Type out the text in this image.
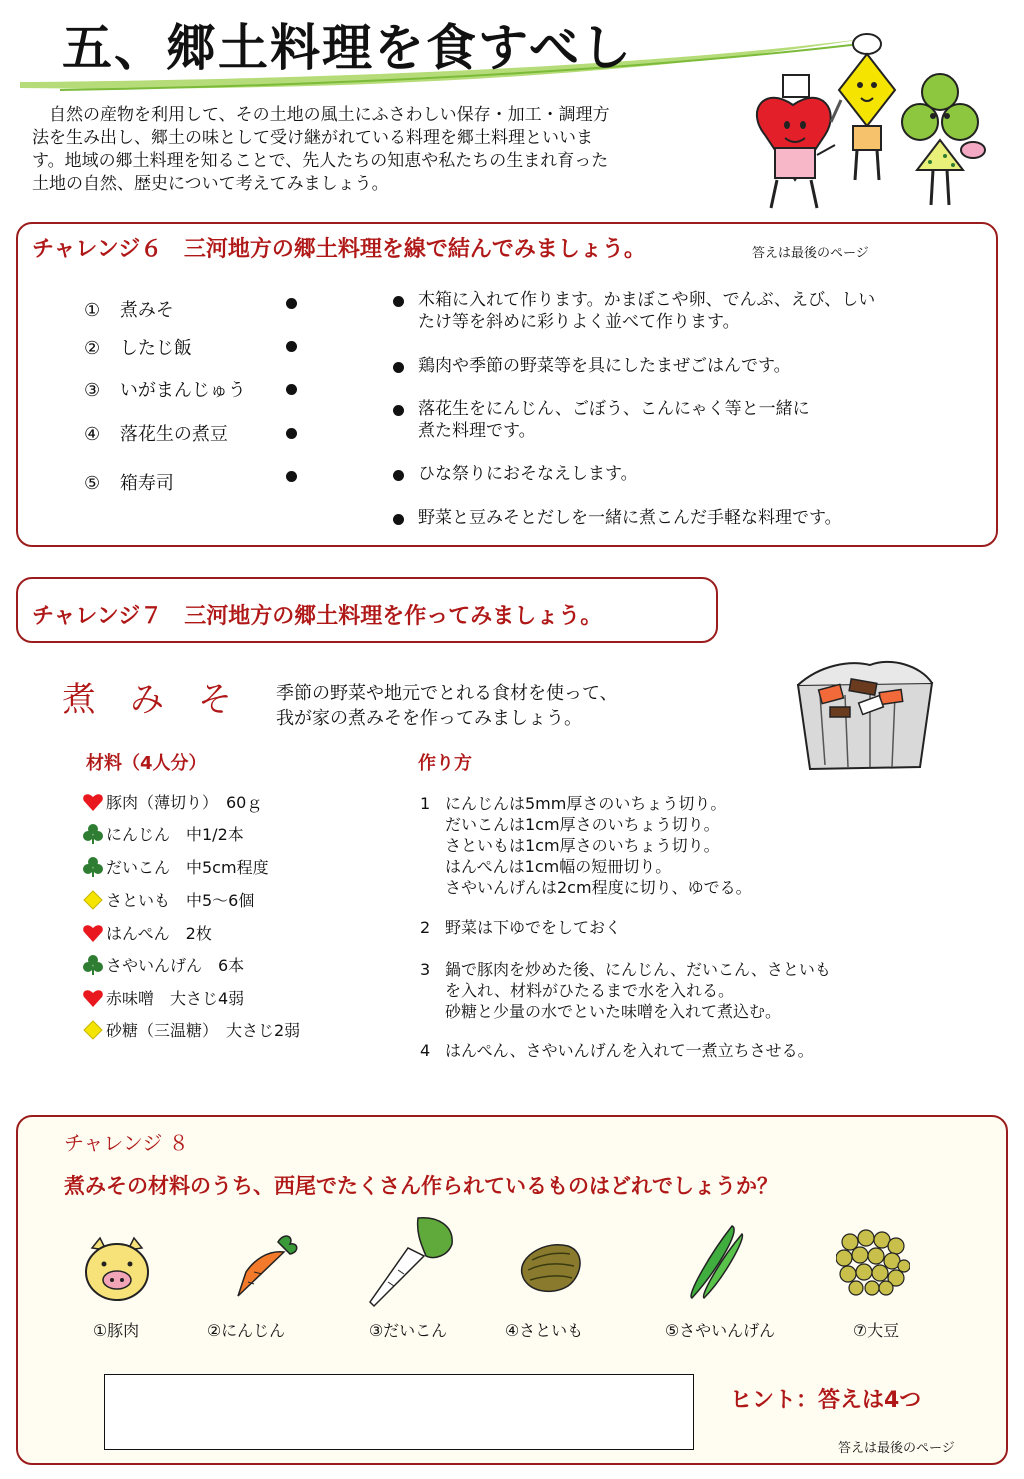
五、郷土料理を食すべし
　自然の産物を利用して、その土地の風土にふさわしい保存・加工・調理方
法を生み出し、郷土の味として受け継がれている料理を郷土料理といいま
す。地域の郷土料理を知ることで、先人たちの知恵や私たちの生まれ育った
土地の自然、歴史について考えてみましょう。
チャレンジ６ 三河地方の郷土料理を線で結んでみましょう。	答えは最後のページ
① 煮みそ
② したじ飯
③ いがまんじゅう
④ 落花生の煮豆
⑤ 箱寿司
木箱に入れて作ります。かまぼこや卵、でんぶ、えび、しい
たけ等を斜めに彩りよく並べて作ります。
鶏肉や季節の野菜等を具にしたまぜごはんです。
落花生をにんじん、ごぼう、こんにゃく等と一緒に
煮た料理です。
ひな祭りにおそなえします。
野菜と豆みそとだしを一緒に煮こんだ手軽な料理です。
チャレンジ７　三河地方の郷土料理を作ってみましょう。
煮　み　そ 季節の野菜や地元でとれる食材を使って、
我が家の煮みそを作ってみましょう。
材料（4人分）
豚肉（薄切り）　60ｇ
にんじん　中1/2本
だいこん　中5cm程度
さといも　中5～6個
はんぺん　2枚
さやいんげん　6本
赤味噌　大さじ4弱
砂糖（三温糖）　大さじ2弱
作り方
1 にんじんは5mm厚さのいちょう切り。
だいこんは1cm厚さのいちょう切り。
さといもは1cm厚さのいちょう切り。
はんぺんは1cm幅の短冊切り。
さやいんげんは2cm程度に切り、ゆでる。
2 野菜は下ゆでをしておく
3 鍋で豚肉を炒めた後、にんじん、だいこん、さといも
を入れ、材料がひたるまで水を入れる。
砂糖と少量の水でといた味噌を入れて煮込む。
4 はんぺん、さやいんげんを入れて一煮立ちさせる。
チャレンジ ８
煮みその材料のうち、西尾でたくさん作られているものはどれでしょうか？
①豚肉	②にんじん	③だいこん	④さといも	⑤さやいんげん	⑦大豆
ヒント：答えは4つ
答えは最後のページ
